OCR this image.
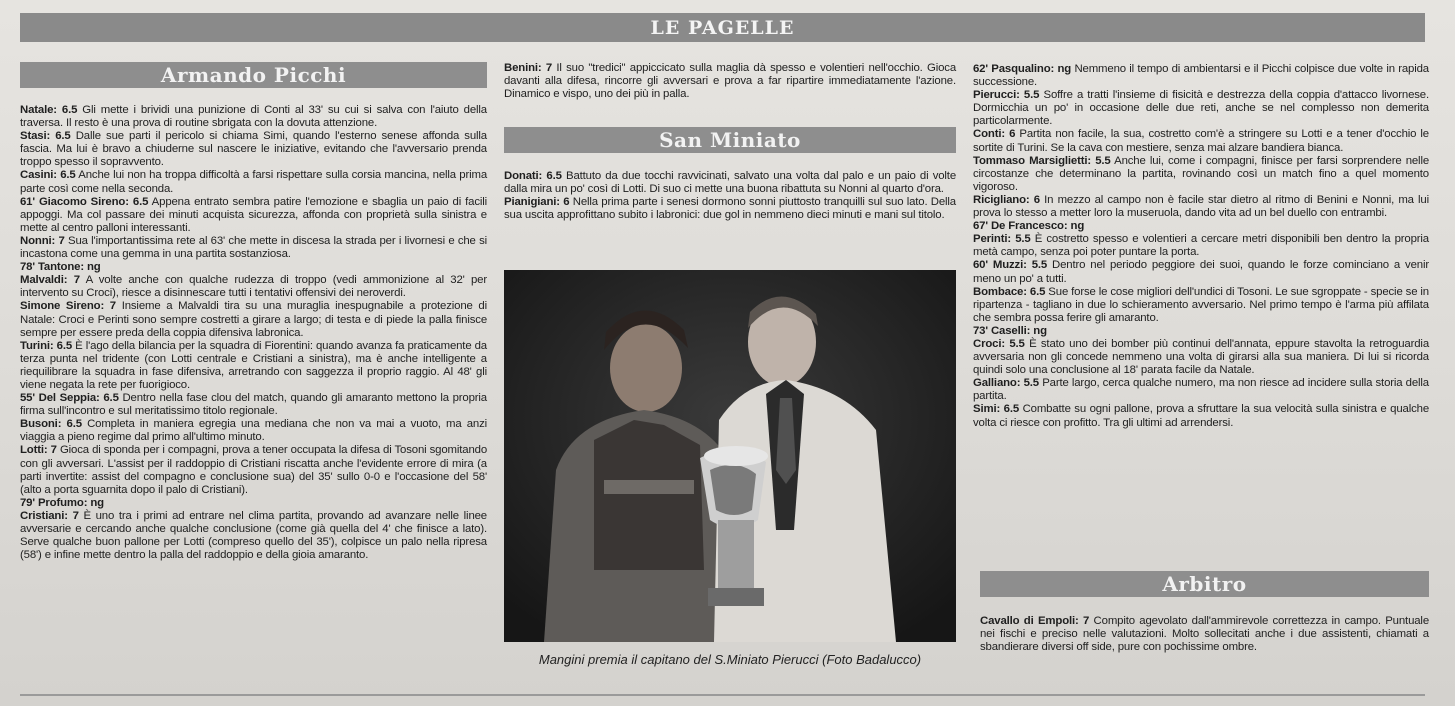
LE PAGELLE
Armando Picchi

Natale: 6.5 Gli mette i brividi una punizione di Conti al 33' su cui si salva con l'aiuto della traversa. Il resto è una prova di routine sbrigata con la dovuta attenzione.

Stasi: 6.5 Dalle sue parti il pericolo si chiama Simi, quando l'esterno senese affonda sulla fascia. Ma lui è bravo a chiuderne sul nascere le iniziative, evitando che l'avversario prenda troppo spesso il sopravvento.

Casini: 6.5 Anche lui non ha troppa difficoltà a farsi rispettare sulla corsia mancina, nella prima parte così come nella seconda.

61' Giacomo Sireno: 6.5 Appena entrato sembra patire l'emozione e sbaglia un paio di facili appoggi. Ma col passare dei minuti acquista sicurezza, affonda con proprietà sulla sinistra e mette al centro palloni interessanti.

Nonni: 7 Sua l'importantissima rete al 63' che mette in discesa la strada per i livornesi e che si incastona come una gemma in una partita sostanziosa.

78' Tantone: ng

Malvaldi: 7 A volte anche con qualche rudezza di troppo (vedi ammonizione al 32' per intervento su Croci), riesce a disinnescare tutti i tentativi offensivi dei neroverdi.

Simone Sireno: 7 Insieme a Malvaldi tira su una muraglia inespugnabile a protezione di Natale: Croci e Perinti sono sempre costretti a girare a largo; di testa e di piede la palla finisce sempre per essere preda della coppia difensiva labronica.

Turini: 6.5 È l'ago della bilancia per la squadra di Fiorentini: quando avanza fa praticamente da terza punta nel tridente (con Lotti centrale e Cristiani a sinistra), ma è anche intelligente a riequilibrare la squadra in fase difensiva, arretrando con saggezza il proprio raggio. Al 48' gli viene negata la rete per fuorigioco.

55' Del Seppia: 6.5 Dentro nella fase clou del match, quando gli amaranto mettono la propria firma sull'incontro e sul meritatissimo titolo regionale.

Busoni: 6.5 Completa in maniera egregia una mediana che non va mai a vuoto, ma anzi viaggia a pieno regime dal primo all'ultimo minuto.

Lotti: 7 Gioca di sponda per i compagni, prova a tener occupata la difesa di Tosoni sgomitando con gli avversari. L'assist per il raddoppio di Cristiani riscatta anche l'evidente errore di mira (a parti invertite: assist del compagno e conclusione sua) del 35' sullo 0-0 e l'occasione del 58' (alto a porta sguarnita dopo il palo di Cristiani).

79' Profumo: ng

Cristiani: 7 È uno tra i primi ad entrare nel clima partita, provando ad avanzare nelle linee avversarie e cercando anche qualche conclusione (come già quella del 4' che finisce a lato). Serve qualche buon pallone per Lotti (compreso quello del 35'), colpisce un palo nella ripresa (58') e infine mette dentro la palla del raddoppio e della gioia amaranto.

Benini: 7 Il suo "tredici" appiccicato sulla maglia dà spesso e volentieri nell'occhio. Gioca davanti alla difesa, rincorre gli avversari e prova a far ripartire immediatamente l'azione. Dinamico e vispo, uno dei più in palla.

San Miniato

Donati: 6.5 Battuto da due tocchi ravvicinati, salvato una volta dal palo e un paio di volte dalla mira un po' così di Lotti. Di suo ci mette una buona ribattuta su Nonni al quarto d'ora.

Pianigiani: 6 Nella prima parte i senesi dormono sonni piuttosto tranquilli sul suo lato. Della sua uscita approfittano subito i labronici: due gol in nemmeno dieci minuti e mani sul titolo.

Mangini premia il capitano del S.Miniato Pierucci (Foto Badalucco)

62' Pasqualino: ng Nemmeno il tempo di ambientarsi e il Picchi colpisce due volte in rapida successione.

Pierucci: 5.5 Soffre a tratti l'insieme di fisicità e destrezza della coppia d'attacco livornese. Dormicchia un po' in occasione delle due reti, anche se nel complesso non demerita particolarmente.

Conti: 6 Partita non facile, la sua, costretto com'è a stringere su Lotti e a tener d'occhio le sortite di Turini. Se la cava con mestiere, senza mai alzare bandiera bianca.

Tommaso Marsiglietti: 5.5 Anche lui, come i compagni, finisce per farsi sorprendere nelle circostanze che determinano la partita, rovinando così un match fino a quel momento vigoroso.

Ricigliano: 6 In mezzo al campo non è facile star dietro al ritmo di Benini e Nonni, ma lui prova lo stesso a metter loro la museruola, dando vita ad un bel duello con entrambi.

67' De Francesco: ng

Perinti: 5.5 È costretto spesso e volentieri a cercare metri disponibili ben dentro la propria metà campo, senza poi poter puntare la porta.

60' Muzzi: 5.5 Dentro nel periodo peggiore dei suoi, quando le forze cominciano a venir meno un po' a tutti.

Bombace: 6.5 Sue forse le cose migliori dell'undici di Tosoni. Le sue sgroppate - specie se in ripartenza - tagliano in due lo schieramento avversario. Nel primo tempo è l'arma più affilata che sembra possa ferire gli amaranto.

73' Caselli: ng

Croci: 5.5 È stato uno dei bomber più continui dell'annata, eppure stavolta la retroguardia avversaria non gli concede nemmeno una volta di girarsi alla sua maniera. Di lui si ricorda quindi solo una conclusione al 18' parata facile da Natale.

Galliano: 5.5 Parte largo, cerca qualche numero, ma non riesce ad incidere sulla storia della partita.

Simi: 6.5 Combatte su ogni pallone, prova a sfruttare la sua velocità sulla sinistra e qualche volta ci riesce con profitto. Tra gli ultimi ad arrendersi.

Arbitro

Cavallo di Empoli: 7 Compito agevolato dall'ammirevole correttezza in campo. Puntuale nei fischi e preciso nelle valutazioni. Molto sollecitati anche i due assistenti, chiamati a sbandierare diversi off side, pure con pochissime ombre.
